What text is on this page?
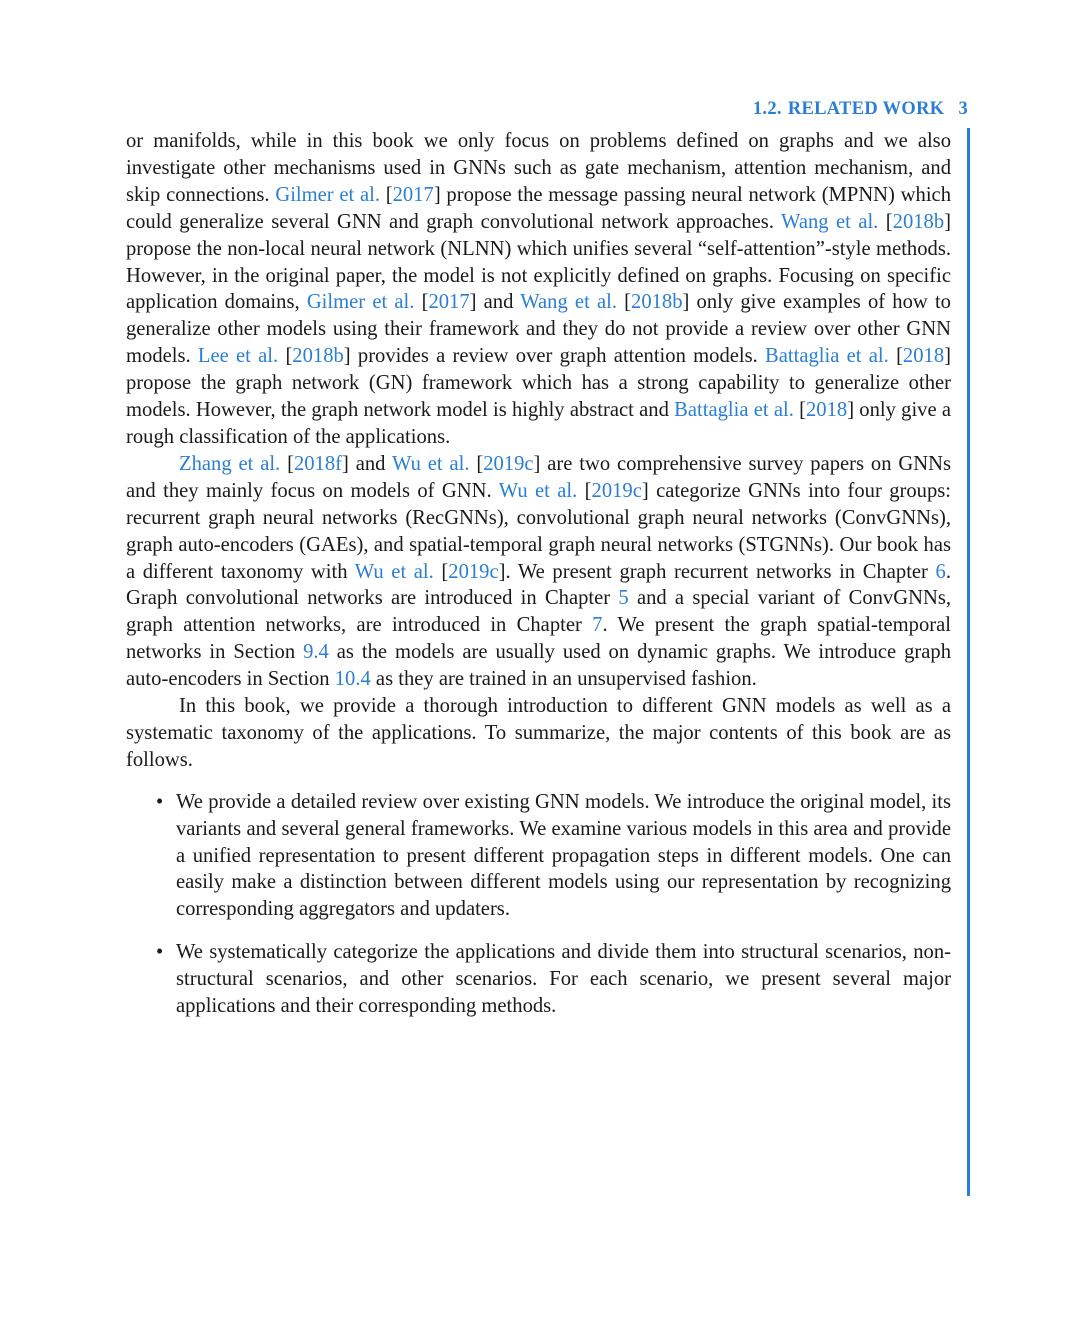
1.2. RELATED WORK 3

or manifolds, while in this book we only focus on problems defined on graphs and we also investigate other mechanisms used in GNNs such as gate mechanism, attention mechanism, and skip connections. Gilmer et al. [2017] propose the message passing neural network (MPNN) which could generalize several GNN and graph convolutional network approaches. Wang et al. [2018b] propose the non-local neural network (NLNN) which unifies several “self-attention”-style methods. However, in the original paper, the model is not explicitly defined on graphs. Focusing on specific application domains, Gilmer et al. [2017] and Wang et al. [2018b] only give examples of how to generalize other models using their framework and they do not provide a review over other GNN models. Lee et al. [2018b] provides a review over graph attention models. Battaglia et al. [2018] propose the graph network (GN) framework which has a strong capability to generalize other models. However, the graph network model is highly abstract and Battaglia et al. [2018] only give a rough classification of the applications.

Zhang et al. [2018f] and Wu et al. [2019c] are two comprehensive survey papers on GNNs and they mainly focus on models of GNN. Wu et al. [2019c] categorize GNNs into four groups: recurrent graph neural networks (RecGNNs), convolutional graph neural networks (ConvGNNs), graph auto-encoders (GAEs), and spatial-temporal graph neural networks (STGNNs). Our book has a different taxonomy with Wu et al. [2019c]. We present graph recurrent networks in Chapter 6. Graph convolutional networks are introduced in Chapter 5 and a special variant of ConvGNNs, graph attention networks, are introduced in Chapter 7. We present the graph spatial-temporal networks in Section 9.4 as the models are usually used on dynamic graphs. We introduce graph auto-encoders in Section 10.4 as they are trained in an unsupervised fashion.

In this book, we provide a thorough introduction to different GNN models as well as a systematic taxonomy of the applications. To summarize, the major contents of this book are as follows.

• We provide a detailed review over existing GNN models. We introduce the original model, its variants and several general frameworks. We examine various models in this area and provide a unified representation to present different propagation steps in different models. One can easily make a distinction between different models using our representation by recognizing corresponding aggregators and updaters.
• We systematically categorize the applications and divide them into structural scenarios, non-structural scenarios, and other scenarios. For each scenario, we present several major applications and their corresponding methods.
